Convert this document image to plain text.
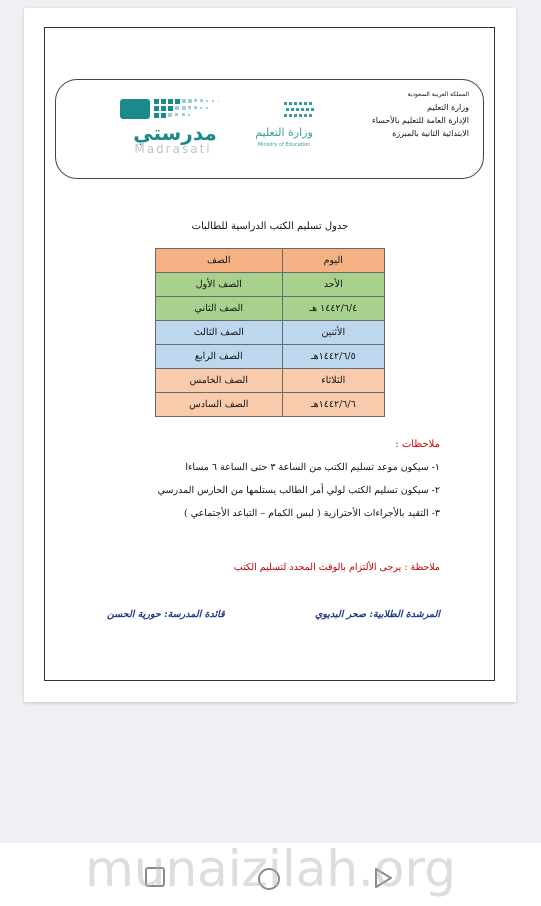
المملكة العربية السعودية
وزارة التعليم
الإدارة العامة للتعليم بالأحساء
الابتدائية الثانية بالمبرزة
وزارة التعليم
Ministry of Education
مدرستي
Madrasati
جدول تسليم الكتب الدراسية للطالبات
اليوم	الصف
الأحد	الصف الأول
١٤٤٢/٦/٤ هـ	الصف الثاني
الأثنين	الصف الثالث
١٤٤٢/٦/٥هـ	الصف الرابع
الثلاثاء	الصف الخامس
١٤٤٢/٦/٦هـ	الصف السادس
ملاحظات :
١- سيكون موعد تسليم الكتب من الساعة ٣ حتى الساعة ٦ مساءا
٢- سيكون تسليم الكتب لولي أمر الطالب يستلمها من الحارس المدرسي
٣- التقيد بالأجراءات الأحترازية ( لبس الكمام – التباعد الأجتماعي )
ملاحظة : يرجى الألتزام بالوقت المحدد لتسليم الكتب
المرشدة الطلابية: صحر البديوي
قائدة المدرسة: حورية الحسن
munaizilah.org
